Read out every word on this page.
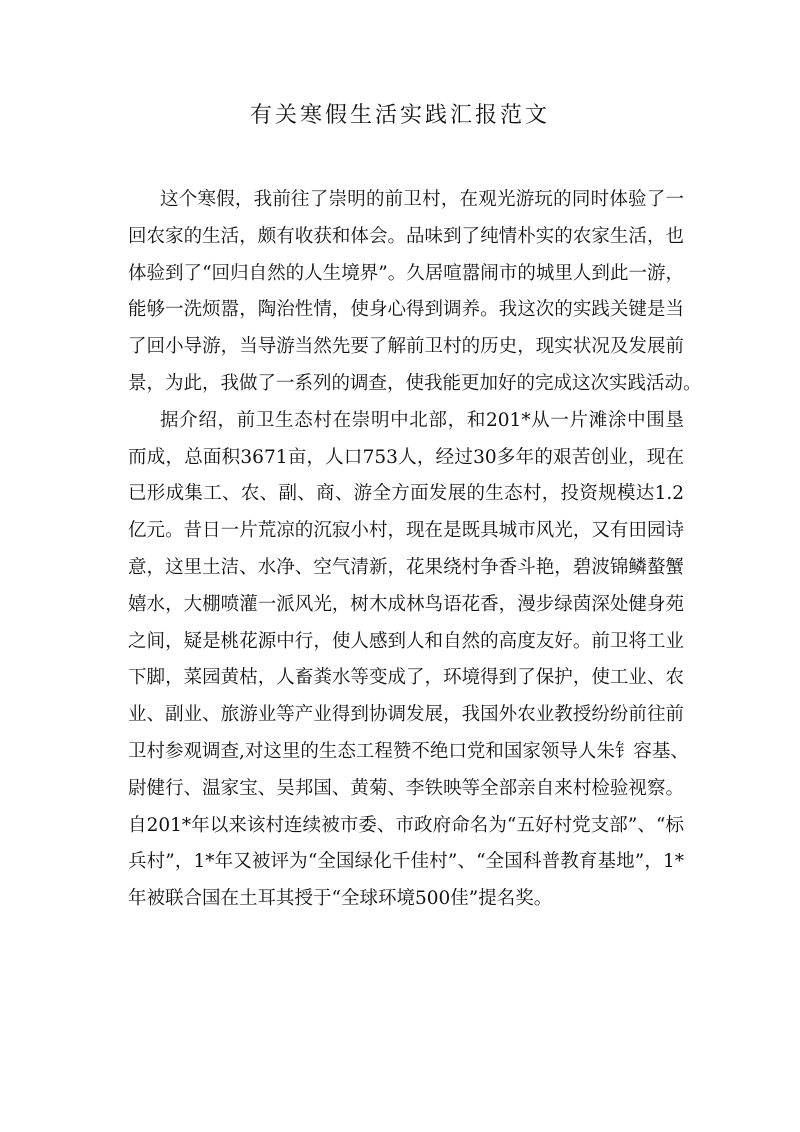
有关寒假生活实践汇报范文
这个寒假，我前往了崇明的前卫村，在观光游玩的同时体验了一
回农家的生活，颇有收获和体会。品味到了纯情朴实的农家生活，也
体验到了“回归自然的人生境界”。久居喧嚣闹市的城里人到此一游，
能够一洗烦嚣，陶治性情，使身心得到调养。我这次的实践关键是当
了回小导游，当导游当然先要了解前卫村的历史，现实状况及发展前
景，为此，我做了一系列的调查，使我能更加好的完成这次实践活动。
据介绍，前卫生态村在崇明中北部，和201*从一片滩涂中围垦
而成，总面积3671亩，人口753人，经过30多年的艰苦创业，现在
已形成集工、农、副、商、游全方面发展的生态村，投资规模达1.2
亿元。昔日一片荒凉的沉寂小村，现在是既具城市风光，又有田园诗
意，这里土洁、水净、空气清新，花果绕村争香斗艳，碧波锦鳞螯蟹
嬉水，大棚喷灌一派风光，树木成林鸟语花香，漫步绿茵深处健身苑
之间，疑是桃花源中行，使人感到人和自然的高度友好。前卫将工业
下脚，菜园黄枯，人畜粪水等变成了，环境得到了保护，使工业、农
业、副业、旅游业等产业得到协调发展，我国外农业教授纷纷前往前
卫村参观调查,对这里的生态工程赞不绝口党和国家领导人朱钅容基、
尉健行、温家宝、吴邦国、黄菊、李铁映等全部亲自来村检验视察。
自201*年以来该村连续被市委、市政府命名为“五好村党支部”、“标
兵村”，1*年又被评为“全国绿化千佳村”、“全国科普教育基地”，1*
年被联合国在土耳其授于“全球环境500佳”提名奖。
